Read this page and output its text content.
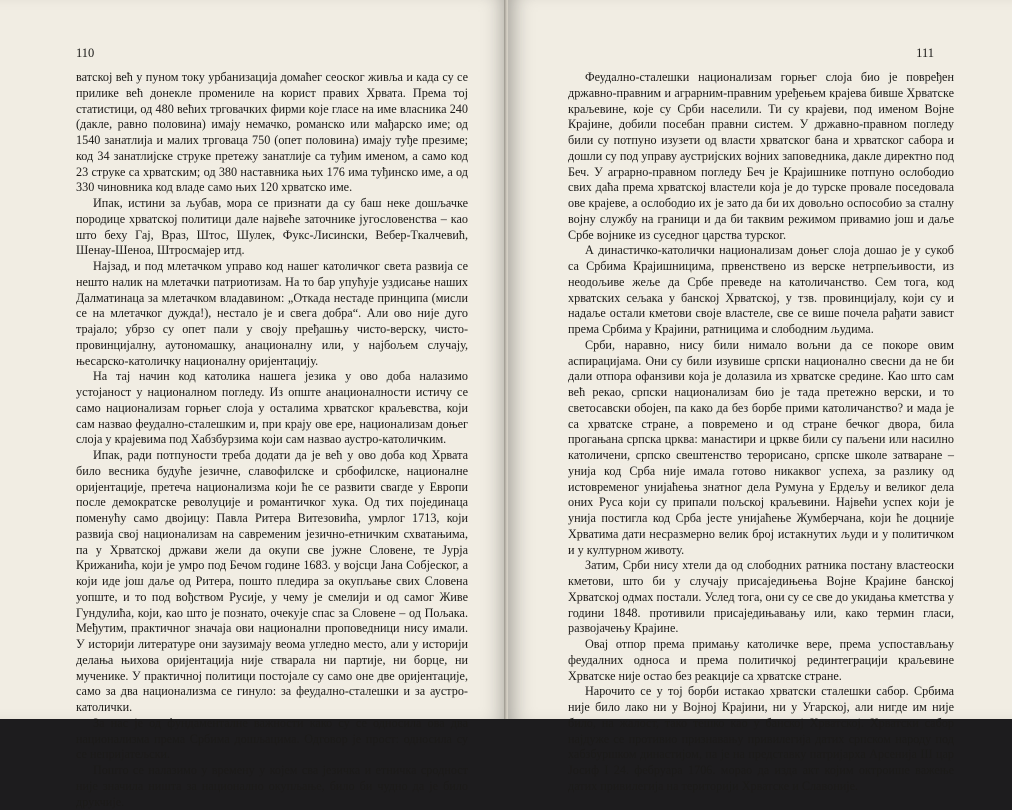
110

ватској већ у пуном току урбанизација домаћег сеоског живља и када су се прилике већ донекле промениле на корист правих Хрвата. Према тој статистици, од 480 већих трговачких фирми које гласе на име власника 240 (дакле, равно половина) имају немачко, романско или мађарско име; од 1540 занатлија и малих трговаца 750 (опет половина) имају туђе презиме; код 34 занатлијске струке претежу занатлије са туђим именом, а само код 23 струке са хрватским; од 380 наставника њих 176 има туђинско име, а од 330 чиновника код владе само њих 120 хрватско име.

Ипак, истини за љубав, мора се признати да су баш неке дошљачке породице хрватској политици дале највеће заточнике југословенства – као што беху Гај, Враз, Штос, Шулек, Фукс-Лисински, Вебер-Ткалчевић, Шенау-Шеноа, Штросмајер итд.

Најзад, и под млетачком управо код нашег католичког света развија се нешто налик на млетачки патриотизам. На то бар упућује уздисање наших Далматинаца за млетачком владавином: „Откада нестаде принципа (мисли се на млетачког дужда!), нестало је и свега добра“. Али ово није дуго трајало; убрзо су опет пали у своју пређашњу чисто-верску, чисто-провинцијалну, аутономашку, анационалну или, у најбољем случају, њесарско-католичку националну оријентацију.

На тај начин код католика нашега језика у ово доба налазимо устојаност у националном погледу. Из опште анационалности истичу се само национализам горњег слоја у осталима хрватског краљевства, који сам назвао феудално-сталешким и, при крају ове ере, национализам доњег слоја у крајевима под Хабзбурзима који сам назвао аустро-католичким.

Ипак, ради потпуности треба додати да је већ у ово доба код Хрвата било весника будуће језичне, славофилске и србофилске, националне оријентације, претеча национализма који ће се развити свагде у Европи после демократске револуције и романтичког хука. Од тих појединаца поменућу само двојицу: Павла Ритера Витезовића, умрлог 1713, који развија свој национализам на савременим језично-етничким схватањима, па у Хрватској држави жели да окупи све јужне Словене, те Јурја Крижанића, који је умро под Бечом године 1683. у војсци Јана Собјеског, а који иде још даље од Ритера, пошто пледира за окупљање свих Словена уопште, и то под вођством Русије, у чему је смелији и од самог Живе Гундулића, који, као што је познато, очекује спас за Словене – од Пољака. Међутим, практичног значаја ови национални проповедници нису имали. У историји литературе они заузимају веома угледно место, али у историји делања њихова оријентација није стварала ни партије, ни борце, ни мученике. У практичној политици постојале су само оне две оријентације, само за два национализма се гинуло: за феудално-сталешки и за аустро-католички.

За нас је од фундаменталне важности како су се односила ова два национализма према Србима дошљацима. Одговор је прост: односила су се непријатељски.

Пошто се налазимо у времену у којем сва језичка и етничка сродност није значила ништа за национално окупљање, било би чудно да је било друкчије.

111

Феудално-сталешки национализам горњег слоја био је повређен државно-правним и аграрним-правним уређењем крајева бивше Хрватске краљевине, које су Срби населили. Ти су крајеви, под именом Војне Крајине, добили посебан правни систем. У државно-правном погледу били су потпуно изузети од власти хрватског бана и хрватског сабора и дошли су под управу аустријских војних заповедника, дакле директно под Беч. У аграрно-правном погледу Беч је Крајишнике потпуно ослободио свих даћа према хрватској властели која је до турске провале поседовала ове крајеве, а ослободио их је зато да би их довољно оспособио за сталну војну службу на граници и да би таквим режимом привамио још и даље Србе војнике из суседног царства турског.

А династичко-католички национализам доњег слоја дошао је у сукоб са Србима Крајишницима, првенствено из верске нетрпељивости, из неодољиве жеље да Србе преведе на католичанство. Сем тога, код хрватских сељака у банској Хрватској, у тзв. провинцијалу, који су и надаље остали кметови своје властеле, све се више почела рађати завист према Србима у Крајини, ратницима и слободним људима.

Срби, наравно, нису били нимало вољни да се покоре овим аспирацијама. Они су били изувише српски национално свесни да не би дали отпора офанзиви која је долазила из хрватске средине. Као што сам већ рекао, српски национализам био је тада претежно верски, и то светосавски обојен, па како да без борбе прими католичанство? и мада је са хрватске стране, а повремено и од стране бечког двора, била прогањана српска црква: манастири и цркве били су паљени или насилно католичени, српско свештенство терорисано, српске школе затваране – унија код Срба није имала готово никаквог успеха, за разлику од истовременог унијаћења знатног дела Румуна у Ердељу и великог дела оних Руса који су припали пољској краљевини. Највећи успех који је унија постигла код Срба јесте унијаћење Жумберчана, који ће доцније Хрватима дати несразмерно велик број истакнутих људи и у политичком и у културном животу.

Затим, Срби нису хтели да од слободних ратника постану властеоски кметови, што би у случају присаједињења Војне Крајине банској Хрватској одмах постали. Услед тога, они су се све до укидања кметства у години 1848. противили присаједињавању или, како термин гласи, развојачењу Крајине.

Овај отпор према примању католичке вере, према успостављању феудалних односа и према политичкој рединтеграцији краљевине Хрватске није остао без реакције са хрватске стране.

Нарочито се у тој борби истакао хрватски сталешки сабор. Србима није било лако ни у Војној Крајини, ни у Угарској, али нигде им није било, на жалост, тако тешко као у банској Хрватској. Хрватски сабор најдуже се противио признавању привилегија датих српском народу под хабзбуршком династијом, па је на представку патријарха Арсенија III цар Јосиф I 24. фебруара 1706. морао да изда акт којим октроише важење датих привилегија на територији Хрватске и Славоније.
